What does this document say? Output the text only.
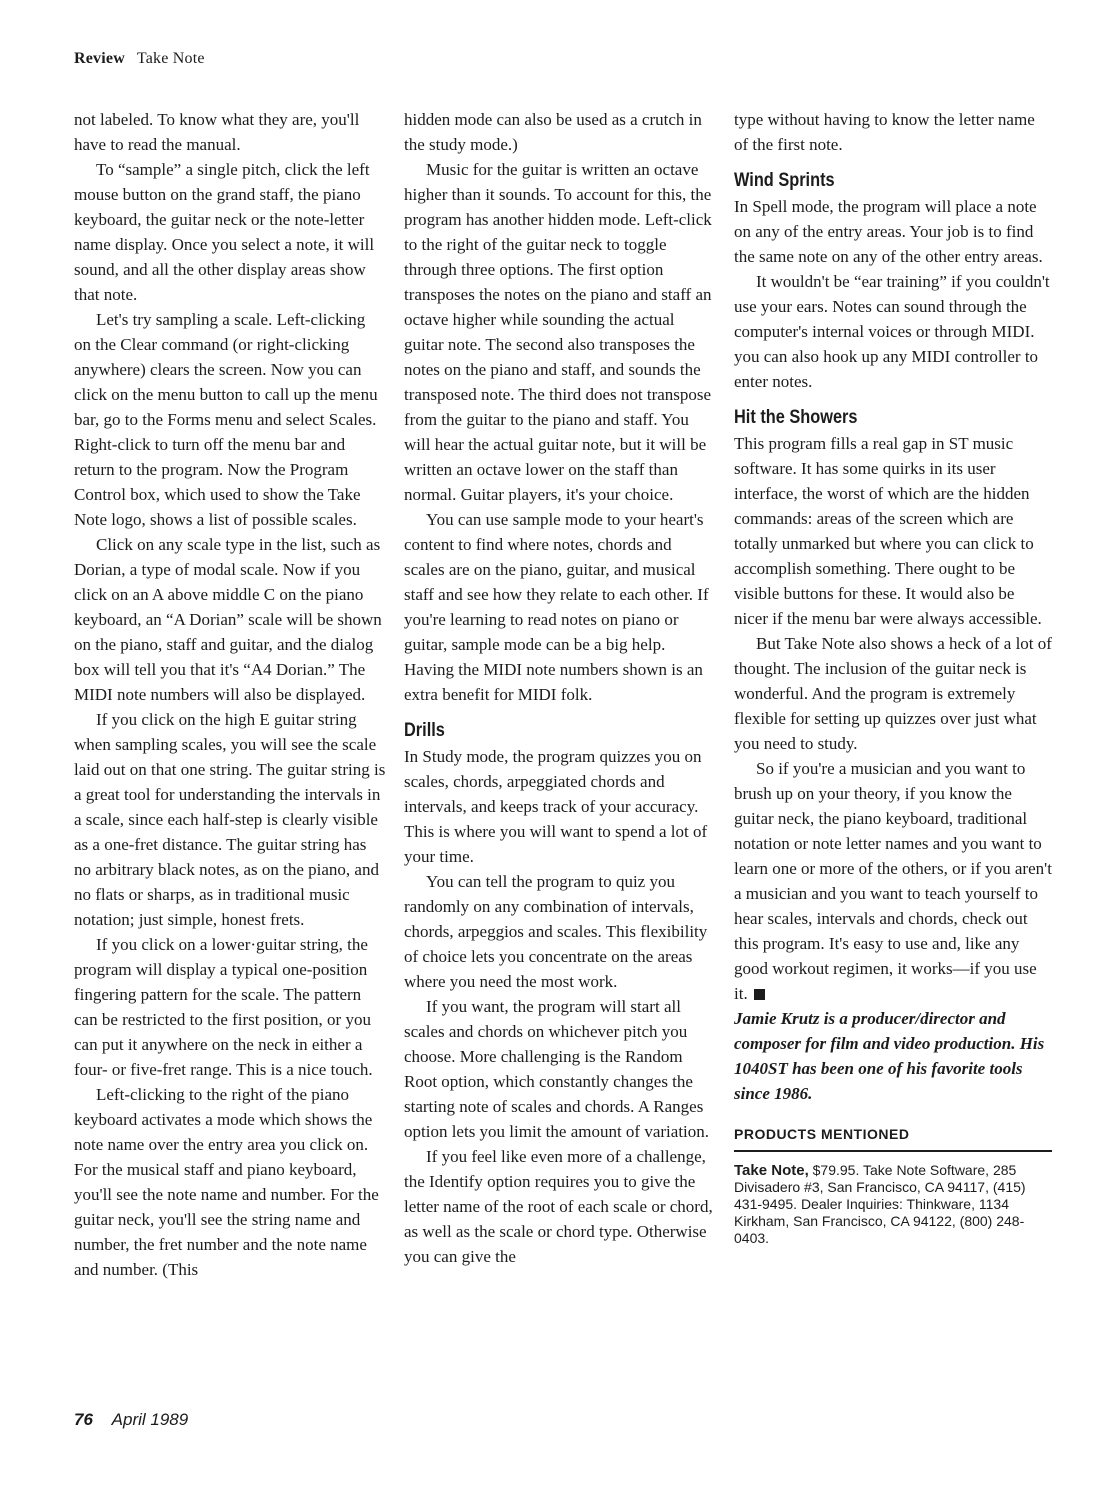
Review Take Note

not labeled. To know what they are, you'll have to read the manual.

To “sample” a single pitch, click the left mouse button on the grand staff, the piano keyboard, the guitar neck or the note-letter name display. Once you select a note, it will sound, and all the other display areas show that note.

Let's try sampling a scale. Left-clicking on the Clear command (or right-clicking anywhere) clears the screen. Now you can click on the menu button to call up the menu bar, go to the Forms menu and select Scales. Right-click to turn off the menu bar and return to the program. Now the Program Control box, which used to show the Take Note logo, shows a list of possible scales.

Click on any scale type in the list, such as Dorian, a type of modal scale. Now if you click on an A above middle C on the piano keyboard, an “A Dorian” scale will be shown on the piano, staff and guitar, and the dialog box will tell you that it's “A4 Dorian.” The MIDI note numbers will also be displayed.

If you click on the high E guitar string when sampling scales, you will see the scale laid out on that one string. The guitar string is a great tool for understanding the intervals in a scale, since each half-step is clearly visible as a one-fret distance. The guitar string has no arbitrary black notes, as on the piano, and no flats or sharps, as in traditional music notation; just simple, honest frets.

If you click on a lower·guitar string, the program will display a typical one-position fingering pattern for the scale. The pattern can be restricted to the first position, or you can put it anywhere on the neck in either a four- or five-fret range. This is a nice touch.

Left-clicking to the right of the piano keyboard activates a mode which shows the note name over the entry area you click on. For the musical staff and piano keyboard, you'll see the note name and number. For the guitar neck, you'll see the string name and number, the fret number and the note name and number. (This

hidden mode can also be used as a crutch in the study mode.)

Music for the guitar is written an octave higher than it sounds. To account for this, the program has another hidden mode. Left-click to the right of the guitar neck to toggle through three options. The first option transposes the notes on the piano and staff an octave higher while sounding the actual guitar note. The second also transposes the notes on the piano and staff, and sounds the transposed note. The third does not transpose from the guitar to the piano and staff. You will hear the actual guitar note, but it will be written an octave lower on the staff than normal. Guitar players, it's your choice.

You can use sample mode to your heart's content to find where notes, chords and scales are on the piano, guitar, and musical staff and see how they relate to each other. If you're learning to read notes on piano or guitar, sample mode can be a big help. Having the MIDI note numbers shown is an extra benefit for MIDI folk.

Drills

In Study mode, the program quizzes you on scales, chords, arpeggiated chords and intervals, and keeps track of your accuracy. This is where you will want to spend a lot of your time.

You can tell the program to quiz you randomly on any combination of intervals, chords, arpeggios and scales. This flexibility of choice lets you concentrate on the areas where you need the most work.

If you want, the program will start all scales and chords on whichever pitch you choose. More challenging is the Random Root option, which constantly changes the starting note of scales and chords. A Ranges option lets you limit the amount of variation.

If you feel like even more of a challenge, the Identify option requires you to give the letter name of the root of each scale or chord, as well as the scale or chord type. Otherwise you can give the

type without having to know the letter name of the first note.

Wind Sprints

In Spell mode, the program will place a note on any of the entry areas. Your job is to find the same note on any of the other entry areas.

It wouldn't be “ear training” if you couldn't use your ears. Notes can sound through the computer's internal voices or through MIDI. you can also hook up any MIDI controller to enter notes.

Hit the Showers

This program fills a real gap in ST music software. It has some quirks in its user interface, the worst of which are the hidden commands: areas of the screen which are totally unmarked but where you can click to accomplish something. There ought to be visible buttons for these. It would also be nicer if the menu bar were always accessible.

But Take Note also shows a heck of a lot of thought. The inclusion of the guitar neck is wonderful. And the program is extremely flexible for setting up quizzes over just what you need to study.

So if you're a musician and you want to brush up on your theory, if you know the guitar neck, the piano keyboard, traditional notation or note letter names and you want to learn one or more of the others, or if you aren't a musician and you want to teach yourself to hear scales, intervals and chords, check out this program. It's easy to use and, like any good workout regimen, it works—if you use it.

Jamie Krutz is a producer/director and composer for film and video production. His 1040ST has been one of his favorite tools since 1986.

PRODUCTS MENTIONED
Take Note, $79.95. Take Note Software, 285 Divisadero #3, San Francisco, CA 94117, (415) 431-9495. Dealer Inquiries: Thinkware, 1134 Kirkham, San Francisco, CA 94122, (800) 248-0403.
76 April 1989
